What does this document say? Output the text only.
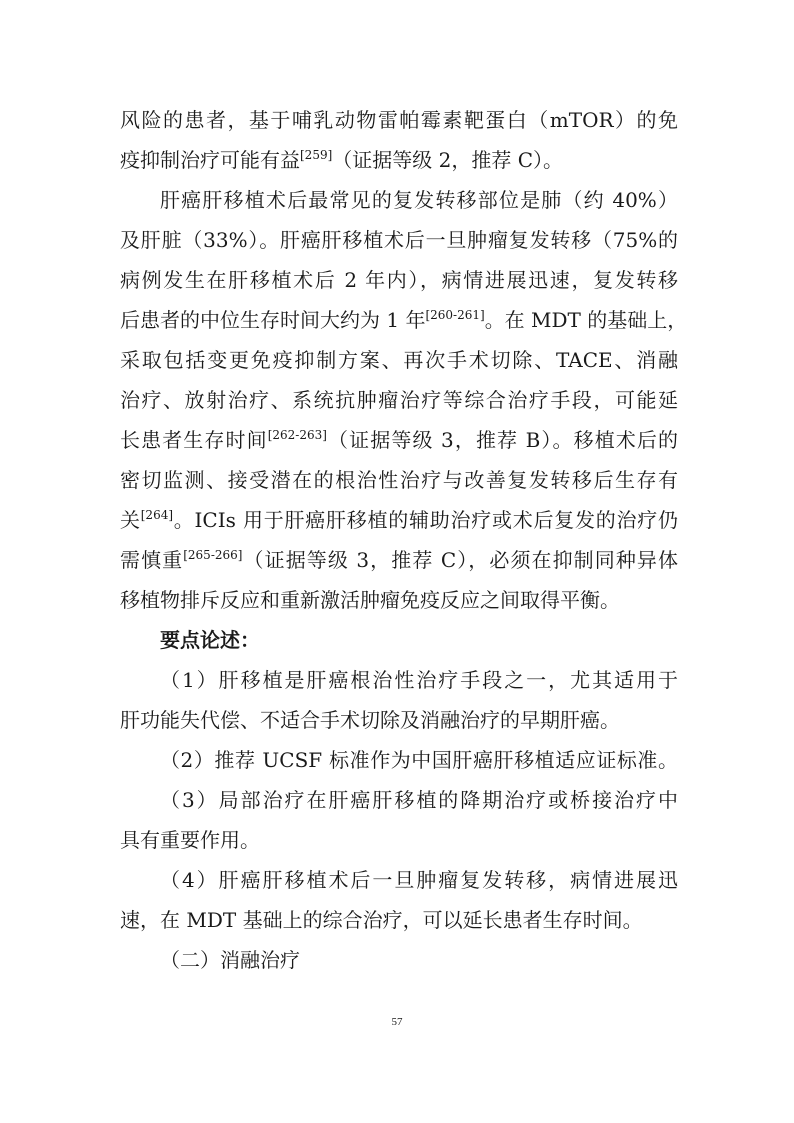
风险的患者，基于哺乳动物雷帕霉素靶蛋白（mTOR）的免
疫抑制治疗可能有益[259]（证据等级 2，推荐 C）。
肝癌肝移植术后最常见的复发转移部位是肺（约 40%）
及肝脏（33%）。肝癌肝移植术后一旦肿瘤复发转移（75%的
病例发生在肝移植术后 2 年内），病情进展迅速，复发转移
后患者的中位生存时间大约为 1 年[260-261]。在 MDT 的基础上，
采取包括变更免疫抑制方案、再次手术切除、TACE、消融
治疗、放射治疗、系统抗肿瘤治疗等综合治疗手段，可能延
长患者生存时间[262-263]（证据等级 3，推荐 B）。移植术后的
密切监测、接受潜在的根治性治疗与改善复发转移后生存有
关[264]。ICIs 用于肝癌肝移植的辅助治疗或术后复发的治疗仍
需慎重[265-266]（证据等级 3，推荐 C），必须在抑制同种异体
移植物排斥反应和重新激活肿瘤免疫反应之间取得平衡。
要点论述：
（1）肝移植是肝癌根治性治疗手段之一，尤其适用于
肝功能失代偿、不适合手术切除及消融治疗的早期肝癌。
（2）推荐 UCSF 标准作为中国肝癌肝移植适应证标准。
（3）局部治疗在肝癌肝移植的降期治疗或桥接治疗中
具有重要作用。
（4）肝癌肝移植术后一旦肿瘤复发转移，病情进展迅
速，在 MDT 基础上的综合治疗，可以延长患者生存时间。
（二）消融治疗
57
